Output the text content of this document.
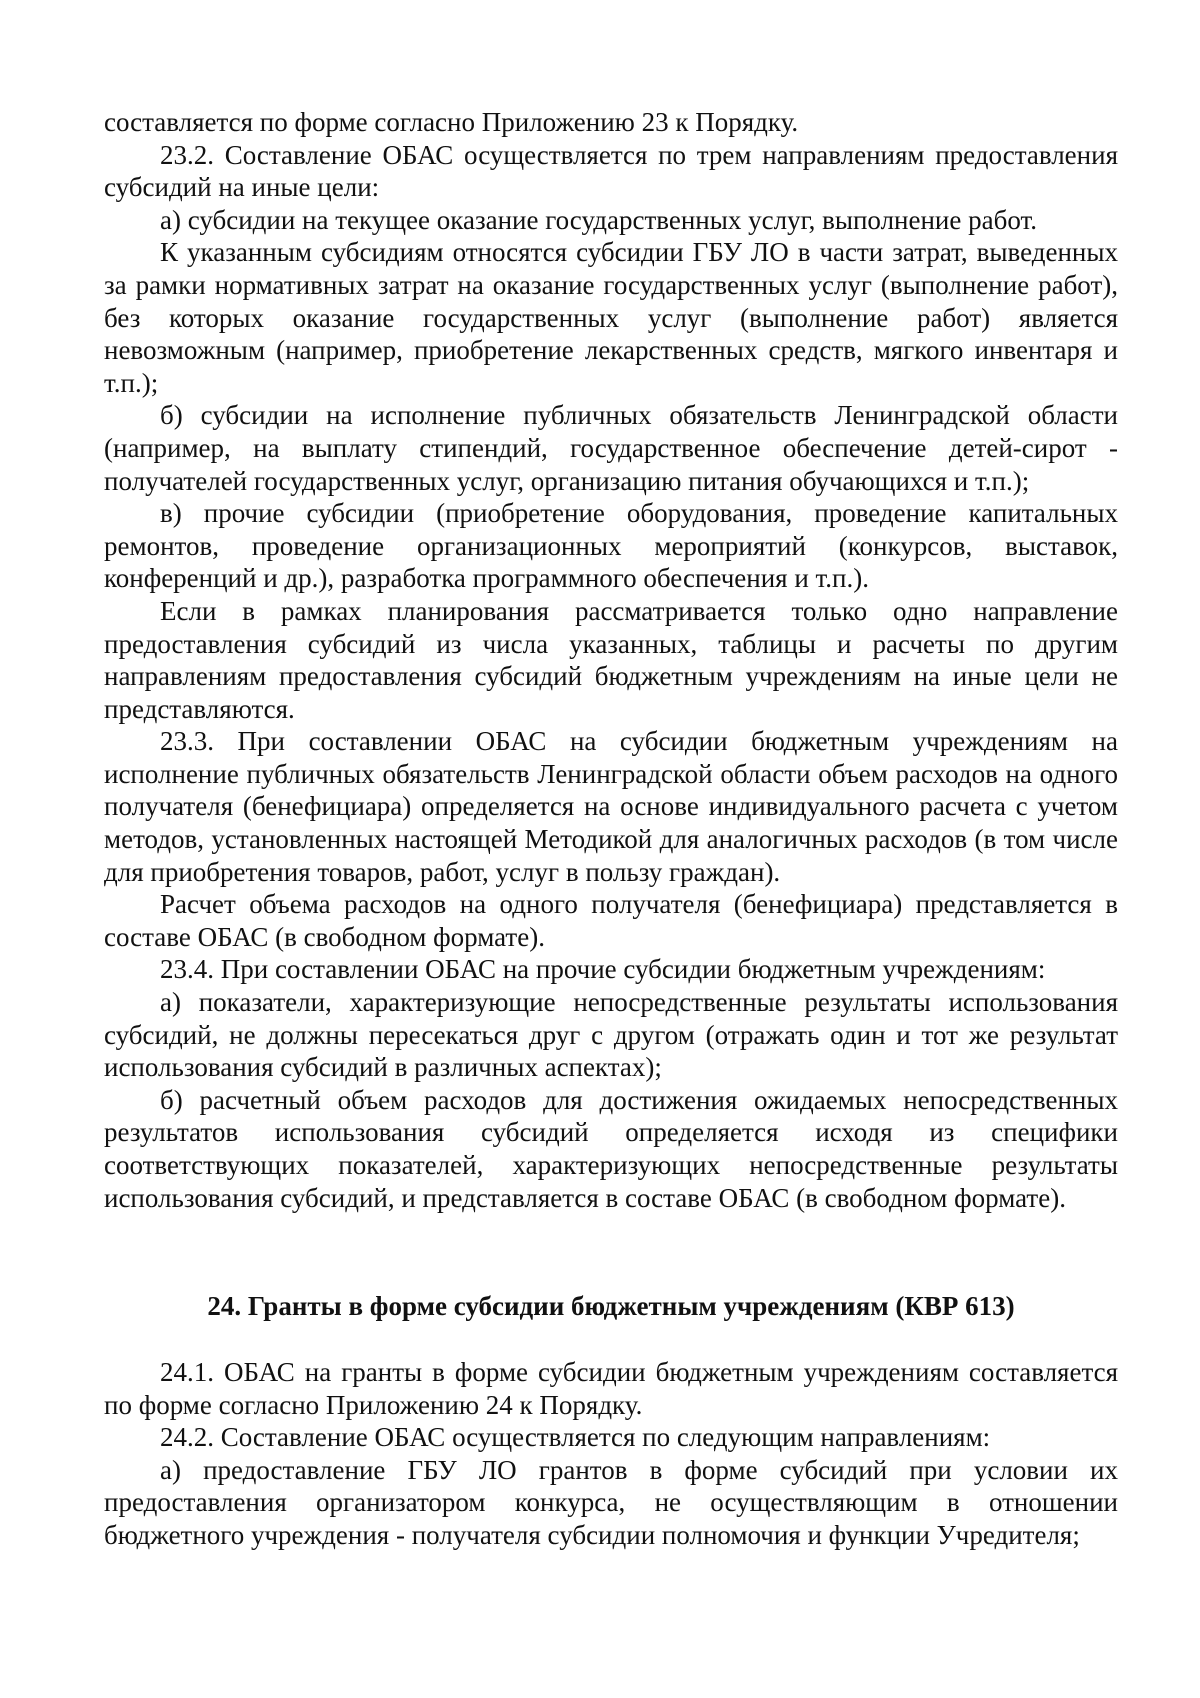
составляется по форме согласно Приложению 23 к Порядку.

23.2. Составление ОБАС осуществляется по трем направлениям предоставления субсидий на иные цели:

а) субсидии на текущее оказание государственных услуг, выполнение работ.

К указанным субсидиям относятся субсидии ГБУ ЛО в части затрат, выведенных за рамки нормативных затрат на оказание государственных услуг (выполнение работ), без которых оказание государственных услуг (выполнение работ) является невозможным (например, приобретение лекарственных средств, мягкого инвентаря и т.п.);

б) субсидии на исполнение публичных обязательств Ленинградской области (например, на выплату стипендий, государственное обеспечение детей-сирот - получателей государственных услуг, организацию питания обучающихся и т.п.);

в) прочие субсидии (приобретение оборудования, проведение капитальных ремонтов, проведение организационных мероприятий (конкурсов, выставок, конференций и др.), разработка программного обеспечения и т.п.).

Если в рамках планирования рассматривается только одно направление предоставления субсидий из числа указанных, таблицы и расчеты по другим направлениям предоставления субсидий бюджетным учреждениям на иные цели не представляются.

23.3. При составлении ОБАС на субсидии бюджетным учреждениям на исполнение публичных обязательств Ленинградской области объем расходов на одного получателя (бенефициара) определяется на основе индивидуального расчета с учетом методов, установленных настоящей Методикой для аналогичных расходов (в том числе для приобретения товаров, работ, услуг в пользу граждан).

Расчет объема расходов на одного получателя (бенефициара) представляется в составе ОБАС (в свободном формате).

23.4. При составлении ОБАС на прочие субсидии бюджетным учреждениям:

а) показатели, характеризующие непосредственные результаты использования субсидий, не должны пересекаться друг с другом (отражать один и тот же результат использования субсидий в различных аспектах);

б) расчетный объем расходов для достижения ожидаемых непосредственных результатов использования субсидий определяется исходя из специфики соответствующих показателей, характеризующих непосредственные результаты использования субсидий, и представляется в составе ОБАС (в свободном формате).

24. Гранты в форме субсидии бюджетным учреждениям (КВР 613)

24.1. ОБАС на гранты в форме субсидии бюджетным учреждениям составляется по форме согласно Приложению 24 к Порядку.

24.2. Составление ОБАС осуществляется по следующим направлениям:

а) предоставление ГБУ ЛО грантов в форме субсидий при условии их предоставления организатором конкурса, не осуществляющим в отношении бюджетного учреждения - получателя субсидии полномочия и функции Учредителя;
